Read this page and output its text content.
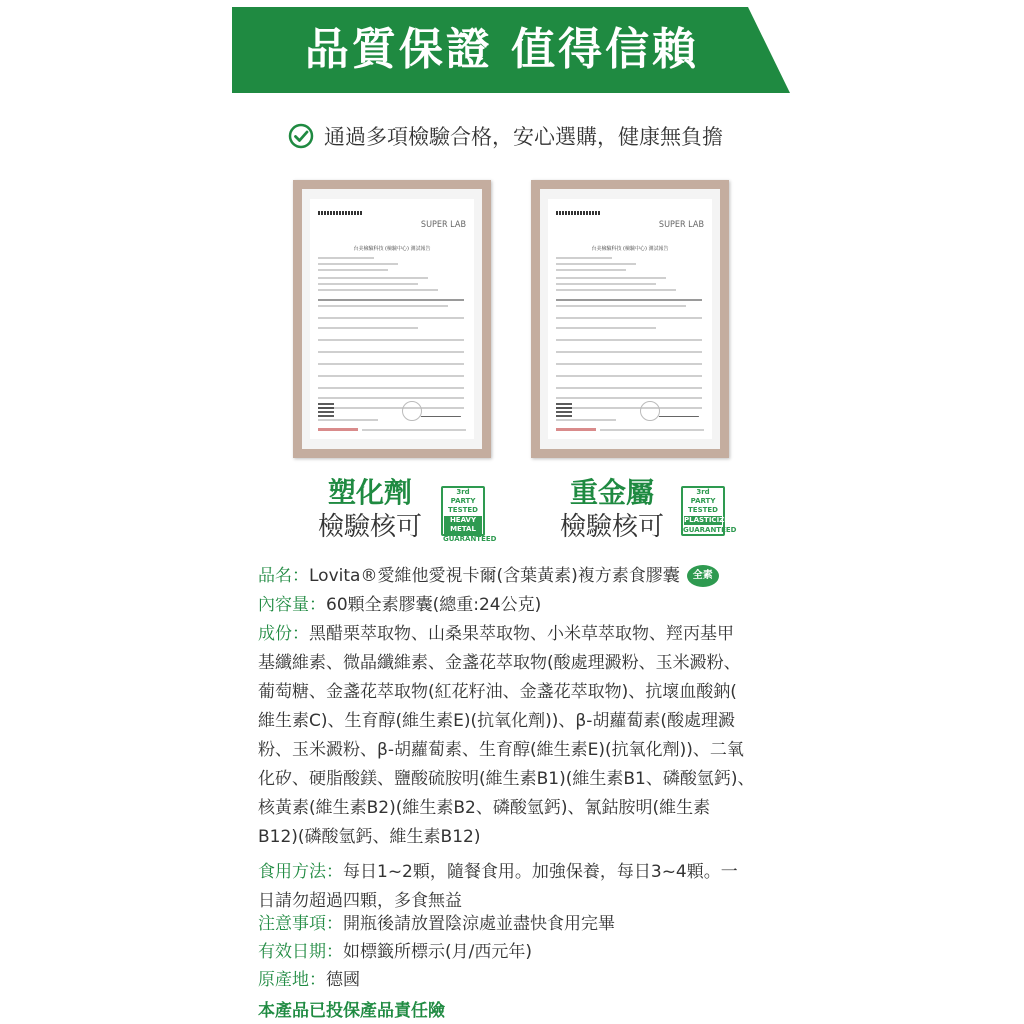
品質保證 值得信賴
通過多項檢驗合格，安心選購，健康無負擔
SUPER LAB
台美檢驗科技 (檢驗中心) 測試報告
SUPER LAB
台美檢驗科技 (檢驗中心) 測試報告
塑化劑
檢驗核可
3rd PARTY
TESTED
HEAVY METAL
GUARANTEED
重金屬
檢驗核可
3rd PARTY
TESTED
PLASTICIZER
GUARANTEED
品名：Lovita®愛維他愛視卡爾(含葉黃素)複方素食膠囊	全素
內容量：60顆全素膠囊(總重:24公克)
成份：黑醋栗萃取物、山桑果萃取物、小米草萃取物、羥丙基甲
基纖維素、微晶纖維素、金盞花萃取物(酸處理澱粉、玉米澱粉、
葡萄糖、金盞花萃取物(紅花籽油、金盞花萃取物)、抗壞血酸鈉(
維生素C)、生育醇(維生素E)(抗氧化劑))、β-胡蘿蔔素(酸處理澱
粉、玉米澱粉、β-胡蘿蔔素、生育醇(維生素E)(抗氧化劑))、二氧
化矽、硬脂酸鎂、鹽酸硫胺明(維生素B1)(維生素B1、磷酸氫鈣)、
核黃素(維生素B2)(維生素B2、磷酸氫鈣)、氰鈷胺明(維生素
B12)(磷酸氫鈣、維生素B12)
食用方法：每日1~2顆，隨餐食用。加強保養，每日3~4顆。一
日請勿超過四顆，多食無益
注意事項：開瓶後請放置陰涼處並盡快食用完畢
有效日期：如標籤所標示(月/西元年)
原產地：德國
本產品已投保產品責任險
